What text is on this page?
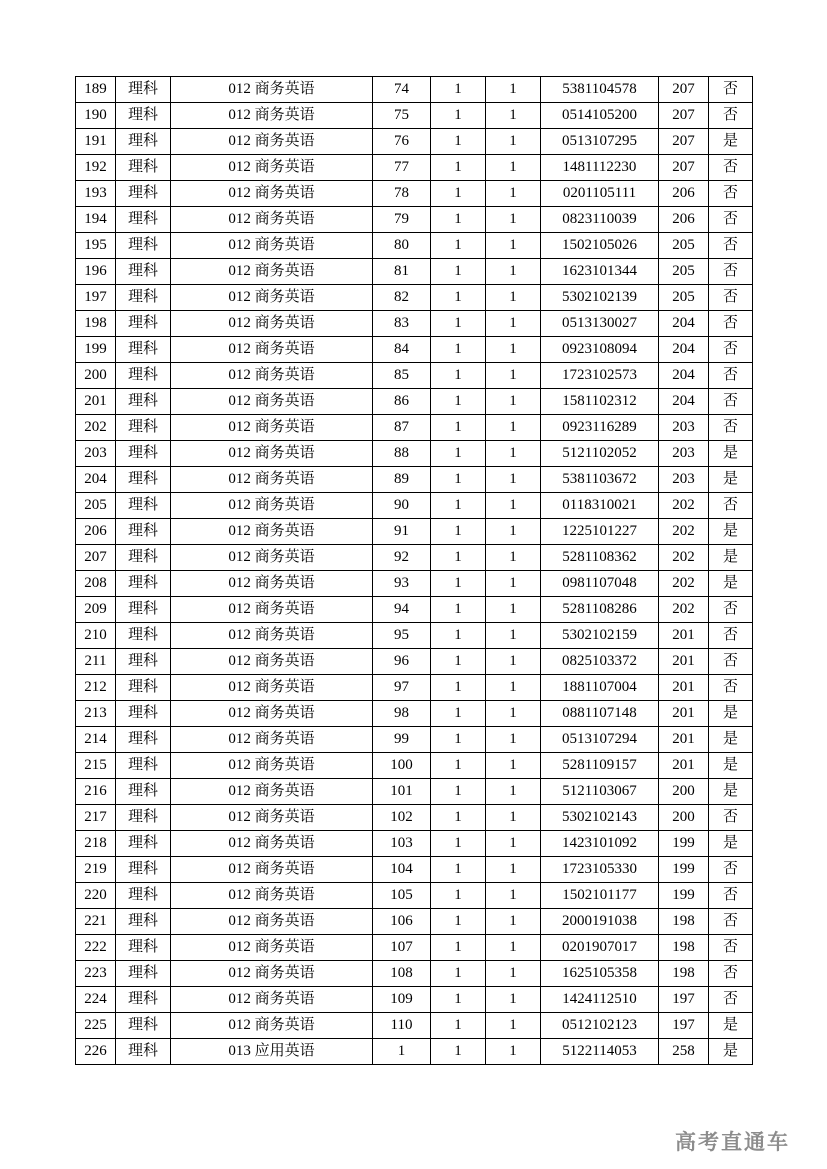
189	理科	012 商务英语	74	1	1	5381104578	207	否
190	理科	012 商务英语	75	1	1	0514105200	207	否
191	理科	012 商务英语	76	1	1	0513107295	207	是
192	理科	012 商务英语	77	1	1	1481112230	207	否
193	理科	012 商务英语	78	1	1	0201105111	206	否
194	理科	012 商务英语	79	1	1	0823110039	206	否
195	理科	012 商务英语	80	1	1	1502105026	205	否
196	理科	012 商务英语	81	1	1	1623101344	205	否
197	理科	012 商务英语	82	1	1	5302102139	205	否
198	理科	012 商务英语	83	1	1	0513130027	204	否
199	理科	012 商务英语	84	1	1	0923108094	204	否
200	理科	012 商务英语	85	1	1	1723102573	204	否
201	理科	012 商务英语	86	1	1	1581102312	204	否
202	理科	012 商务英语	87	1	1	0923116289	203	否
203	理科	012 商务英语	88	1	1	5121102052	203	是
204	理科	012 商务英语	89	1	1	5381103672	203	是
205	理科	012 商务英语	90	1	1	0118310021	202	否
206	理科	012 商务英语	91	1	1	1225101227	202	是
207	理科	012 商务英语	92	1	1	5281108362	202	是
208	理科	012 商务英语	93	1	1	0981107048	202	是
209	理科	012 商务英语	94	1	1	5281108286	202	否
210	理科	012 商务英语	95	1	1	5302102159	201	否
211	理科	012 商务英语	96	1	1	0825103372	201	否
212	理科	012 商务英语	97	1	1	1881107004	201	否
213	理科	012 商务英语	98	1	1	0881107148	201	是
214	理科	012 商务英语	99	1	1	0513107294	201	是
215	理科	012 商务英语	100	1	1	5281109157	201	是
216	理科	012 商务英语	101	1	1	5121103067	200	是
217	理科	012 商务英语	102	1	1	5302102143	200	否
218	理科	012 商务英语	103	1	1	1423101092	199	是
219	理科	012 商务英语	104	1	1	1723105330	199	否
220	理科	012 商务英语	105	1	1	1502101177	199	否
221	理科	012 商务英语	106	1	1	2000191038	198	否
222	理科	012 商务英语	107	1	1	0201907017	198	否
223	理科	012 商务英语	108	1	1	1625105358	198	否
224	理科	012 商务英语	109	1	1	1424112510	197	否
225	理科	012 商务英语	110	1	1	0512102123	197	是
226	理科	013 应用英语	1	1	1	5122114053	258	是
高考直通车
